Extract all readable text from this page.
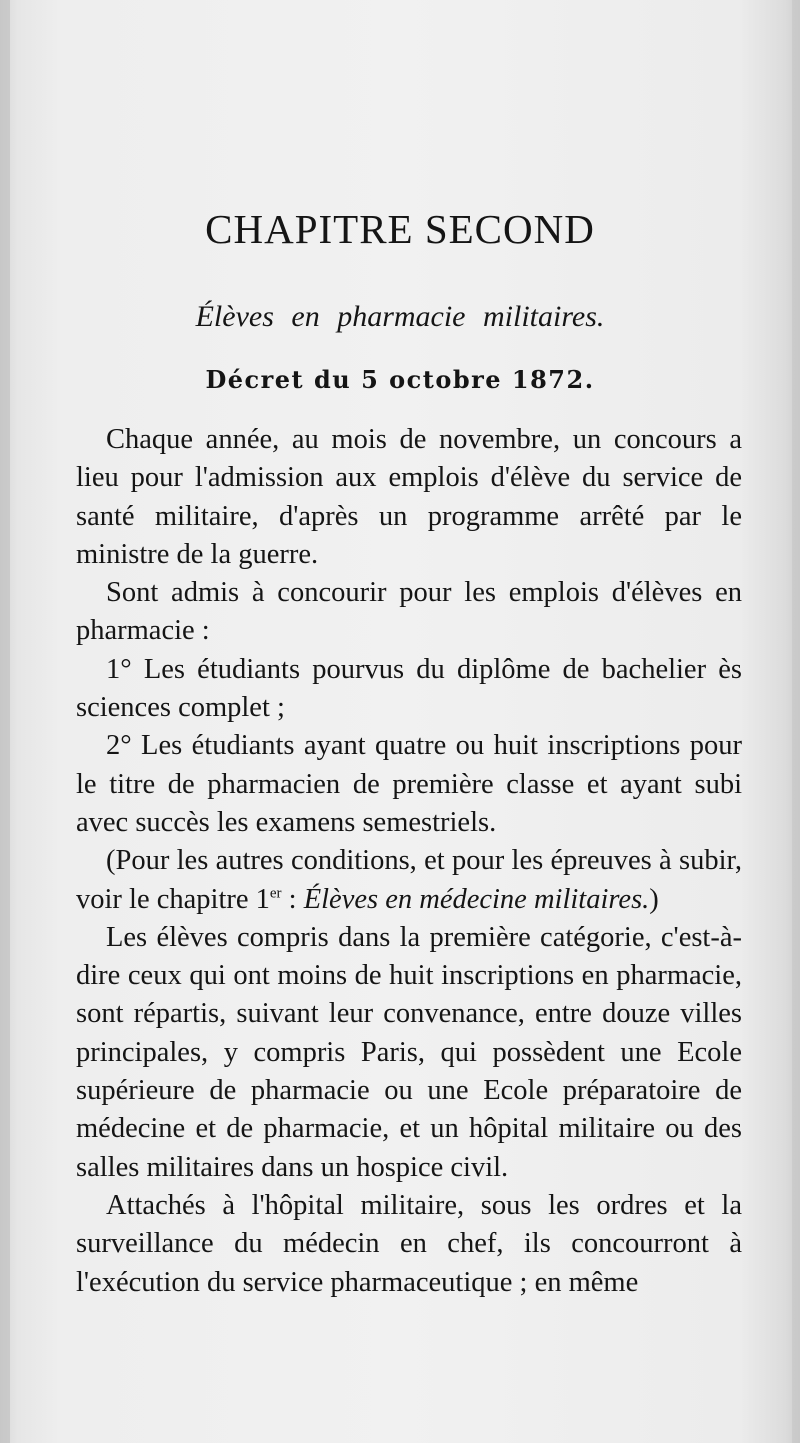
CHAPITRE SECOND
Élèves en pharmacie militaires.
Décret du 5 octobre 1872.

Chaque année, au mois de novembre, un concours a lieu pour l'admission aux emplois d'élève du service de santé militaire, d'après un programme arrêté par le ministre de la guerre.

Sont admis à concourir pour les emplois d'élèves en pharmacie :

1° Les étudiants pourvus du diplôme de bachelier ès sciences complet ;

2° Les étudiants ayant quatre ou huit inscriptions pour le titre de pharmacien de première classe et ayant subi avec succès les examens semestriels.

(Pour les autres conditions, et pour les épreuves à subir, voir le chapitre 1er : Élèves en médecine militaires.)

Les élèves compris dans la première catégorie, c'est-à-dire ceux qui ont moins de huit inscriptions en pharmacie, sont répartis, suivant leur convenance, entre douze villes principales, y compris Paris, qui possèdent une Ecole supérieure de pharmacie ou une Ecole préparatoire de médecine et de pharmacie, et un hôpital militaire ou des salles militaires dans un hospice civil.

Attachés à l'hôpital militaire, sous les ordres et la surveillance du médecin en chef, ils concourront à l'exécution du service pharmaceutique ; en même
